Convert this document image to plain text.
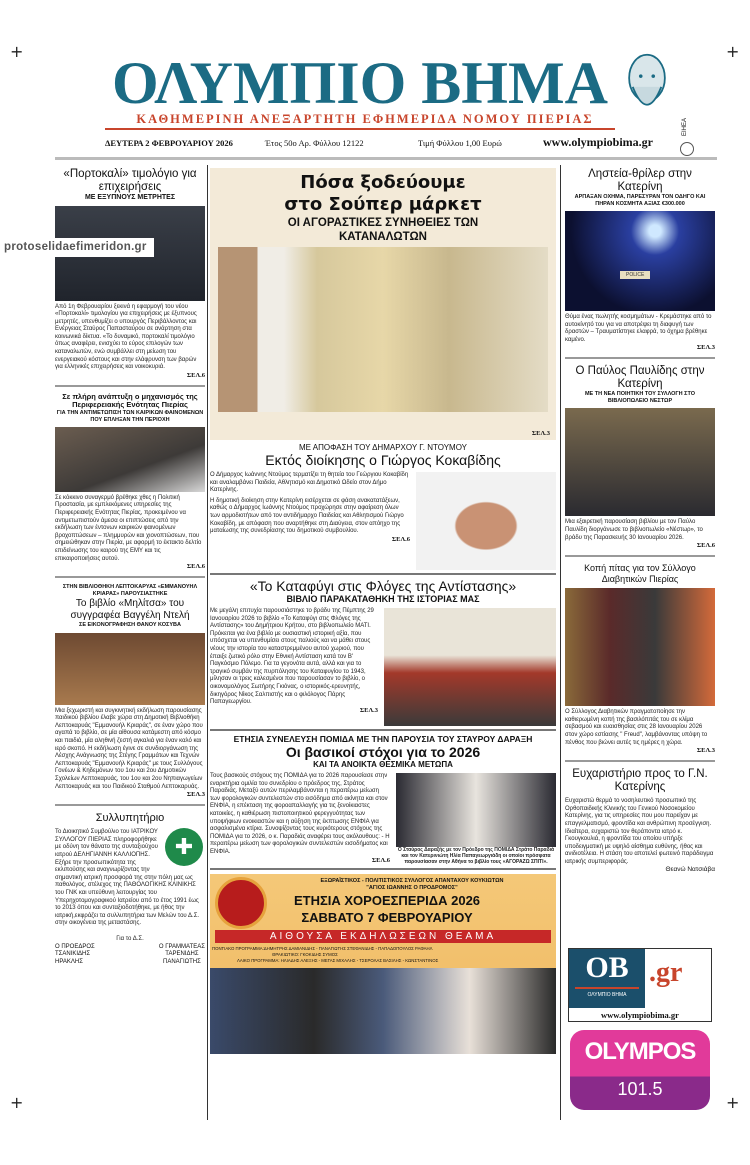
+	+
+	+
ΟΛΥΜΠΙΟ ΒΗΜΑ
ΕΙΗΕΑ
ΚΑΘΗΜΕΡΙΝΗ ΑΝΕΞΑΡΤΗΤΗ ΕΦΗΜΕΡΙΔΑ ΝΟΜΟΥ ΠΙΕΡΙΑΣ
ΔΕΥΤΕΡΑ 2 ΦΕΒΡΟΥΑΡΙΟΥ 2026	Έτος 50ο Αρ. Φύλλου 12122	Τιμή Φύλλου 1,00 Ευρώ	www.olympiobima.gr
protoselidaefimeridon.gr
«Πορτοκαλί» τιμολόγιο για επιχειρήσεις
ΜΕ ΕΞΥΠΝΟΥΣ ΜΕΤΡΗΤΕΣ

Από 1η Φεβρουαρίου ξεκινά η εφαρμογή του νέου «Πορτοκαλί» τιμολογίου για επιχειρήσεις με έξυπνους μετρητές, υπενθυμίζει ο υπουργός Περιβάλλοντος και Ενέργειας Σταύρος Παπασταύρου σε ανάρτηση στα κοινωνικά δίκτυα. «Το δυναμικό, πορτοκαλί τιμολόγιο όπως αναφέρει, ενισχύει το εύρος επιλογών των καταναλωτών, ενώ συμβάλλει στη μείωση του ενεργειακού κόστους και στην ελάφρυνση των βαρών για ελληνικές επιχειρήσεις και νοικοκυριά.

ΣΕΛ.6
Σε πλήρη ανάπτυξη ο μηχανισμός της Περιφερειακής Ενότητας Πιερίας
ΓΙΑ ΤΗΝ ΑΝΤΙΜΕΤΩΠΙΣΗ ΤΩΝ ΚΑΙΡΙΚΩΝ ΦΑΙΝΟΜΕΝΩΝ ΠΟΥ ΕΠΛΗΞΑΝ ΤΗΝ ΠΕΡΙΟΧΗ

Σε κόκκινο συναγερμό βρέθηκε χθες η Πολιτική Προστασία, με εμπλεκόμενες υπηρεσίες της Περιφερειακής Ενότητας Πιερίας, προκειμένου να αντιμετωπιστούν άμεσα οι επιπτώσεις από την εκδήλωση των έντονων καιρικών φαινομένων βροχοπτώσεων – πλημμυρών και χιονοπτώσεων, που σημειώθηκαν στην Πιερία, με αφορμή το έκτακτο δελτίο επιδείνωσης του καιρού της ΕΜΥ και τις επικαιροποιήσεις αυτού.

ΣΕΛ.6
ΣΤΗΝ ΒΙΒΛΙΟΘΗΚΗ ΛΕΠΤΟΚΑΡΥΑΣ «ΕΜΜΑΝΟΥΗΛ ΚΡΙΑΡΑΣ» ΠΑΡΟΥΣΙΑΣΤΗΚΕ
Το βιβλίο «Μηλίτσα» του συγγραφέα Βαγγέλη Ντελή
ΣΕ ΕΙΚΟΝΟΓΡΑΦΗΣΗ ΘΑΝΟΥ ΚΟΣΥΒΑ

Μια ξεχωριστή και συγκινητική εκδήλωση παρουσίασης παιδικού βιβλίου έλαβε χώρα στη Δημοτική Βιβλιοθήκη Λεπτοκαρυάς "Εμμανουήλ Κριαράς", σε έναν χώρο που αγαπά το βιβλίο, σε μία αίθουσα κατάμεστη από κόσμο και παιδιά, μία αληθινή ζεστή αγκαλιά για έναν καλό και ιερό σκοπό. Η εκδήλωση έγινε σε συνδιοργάνωση της Λέσχης Ανάγνωσης της Στέγης Γραμμάτων και Τεχνών Λεπτοκαρυάς "Εμμανουήλ Κριαράς" με τους Συλλόγους Γονέων & Κηδεμόνων του 1ου και 2ου Δημοτικών Σχολείων Λεπτοκαρυάς, του 1ου και 2ου Νηπιαγωγείων Λεπτοκαρυάς και του Παιδικού Σταθμού Λεπτοκαρυάς.

ΣΕΛ.3
Συλλυπητήριο
✚

Το Διοικητικό Συμβούλιο του ΙΑΤΡΙΚΟΥ ΣΥΛΛΟΓΟΥ ΠΙΕΡΙΑΣ πληροφορήθηκε με οδύνη τον θάνατο της συνταξιούχου ιατρού ΔΕΛΗΓΙΑΝΝΗ ΚΑΛΛΙΟΠΗΣ. Εξήρε την προσωπικότητα της εκλιπούσης και αναγνωρίζοντας την σημαντική ιατρική προσφορά της στην πόλη μας ως παθολόγος, στέλεχος της ΠΑΘΟΛΟΓΙΚΗΣ ΚΛΙΝΙΚΗΣ του ΓΝΚ και υπεύθυνη λειτουργίας του Υπερηχοτομογραφικού Ιατρείου από το έτος 1991 έως το 2013 όπου και συνταξιοδοτήθηκε, με ήθος την ιατρική,εκφράζει τα συλλυπητήρια των Μελών του Δ.Σ. στην οικογένεια της μεταστάσης.

Για το Δ.Σ.

Ο ΠΡΟΕΔΡΟΣ
ΤΣΑΝΙΚΙΔΗΣ
ΗΡΑΚΛΗΣ
Ο ΓΡΑΜΜΑΤΕΑΣ
ΤΑΡΕΝΙΔΗΣ
ΠΑΝΑΓΙΩΤΗΣ
Πόσα ξοδεύουμε
στο Σούπερ μάρκετ
ΟΙ ΑΓΟΡΑΣΤΙΚΕΣ ΣΥΝΗΘΕΙΕΣ ΤΩΝ ΚΑΤΑΝΑΛΩΤΩΝ
ΣΕΛ.3
ΜΕ ΑΠΟΦΑΣΗ ΤΟΥ ΔΗΜΑΡΧΟΥ Γ. ΝΤΟΥΜΟΥ
Εκτός διοίκησης ο Γιώργος Κοκαβίδης

Ο Δήμαρχος Ιωάννης Ντούμος τερματίζει τη θητεία του Γεώργιου Κοκαβίδη και αναλαμβάνει Παιδεία, Αθλητισμό και Δημοτικό Ωδείο στον Δήμο Κατερίνης.

Η δημοτική διοίκηση στην Κατερίνη εισέρχεται σε φάση ανακατατάξεων, καθώς ο Δήμαρχος Ιωάννης Ντούμος προχώρησε στην αφαίρεση όλων των αρμοδιοτήτων από τον αντιδήμαρχο Παιδείας και Αθλητισμού Γιώργο Κοκαβίδη, με απόφαση που αναρτήθηκε στη Διαύγεια, στον απόηχο της ματαίωσης της συνεδρίασης του δημοτικού συμβουλίου.

ΣΕΛ.6
«Το Καταφύγι στις Φλόγες της Αντίστασης»
ΒΙΒΛΙΟ ΠΑΡΑΚΑΤΑΘΗΚΗ ΤΗΣ ΙΣΤΟΡΙΑΣ ΜΑΣ

Με μεγάλη επιτυχία παρουσιάστηκε το βράδυ της Πέμπτης 29 Ιανουαρίου 2026 το βιβλίο «Το Καταφύγι στις Φλόγες της Αντίστασης» του Δημήτριου Κρήτου, στο βιβλιοπωλείο ΜΑΤΙ. Πρόκειται για ένα βιβλίο με ουσιαστική ιστορική αξία, που υπόσχεται να υπενθυμίσει στους παλιούς και να μάθει στους νέους την ιστορία του καταστρεμμένου αυτού χωριού, που έπαιξε ζωτικό ρόλο στην Εθνική Αντίσταση κατά τον Β' Παγκόσμιο Πόλεμο. Για τα γεγονότα αυτά, αλλά και για το τραγικό συμβάν της πυρπόλησης του Καταφυγίου το 1943, μίλησαν οι τρεις καλεσμένοι που παρουσίασαν το βιβλίο, ο οικονομολόγος Σωτήρης Γκιόνας, ο ιστορικός-ερευνητής, δικηγόρος Νίκος Σαλπιστής και ο φιλόλογος Πάρης Παπαγεωργίου.

ΣΕΛ.3
ΕΤΗΣΙΑ ΣΥΝΕΛΕΥΣΗ ΠΟΜΙΔΑ ΜΕ ΤΗΝ ΠΑΡΟΥΣΙΑ ΤΟΥ ΣΤΑΥΡΟΥ ΔΑΡΑΞΗ
Οι βασικοί στόχοι για το 2026
ΚΑΙ ΤΑ ΑΝΟΙΚΤΑ ΘΕΣΜΙΚΑ ΜΕΤΩΠΑ

Τους βασικούς στόχους της ΠΟΜΙΔΑ για το 2026 παρουσίασε στην εναρκτήρια ομιλία του συνεδρίου ο πρόεδρος της, Στράτος Παραδιάς. Μεταξύ αυτών περιλαμβάνονται η περαιτέρω μείωση των φορολογικών συντελεστών στο εισόδημα από ακίνητα και στον ΕΝΦΙΑ, η επέκταση της φοροαπαλλαγής για τις ξενοίκιαστες κατοικίες, η καθιέρωση πιστοποιητικού φερεγγυότητας των υποψήφιων ενοικιαστών και η αύξηση της έκπτωσης ΕΝΦΙΑ για ασφαλισμένα κτίρια. Συνοψίζοντας τους κυριότερους στόχους της ΠΟΜΙΔΑ για το 2026, ο κ. Παραδιάς αναφέρει τους ακόλουθους: - Η περαιτέρω μείωση των φορολογικών συντελεστών εισοδήματος και ΕΝΦΙΑ.

ΣΕΛ.6

Ο Σταύρος Δαραξής με τον Πρόεδρο της ΠΟΜΙΔΑ Στράτο Παραδιά και τον Κατερινιώτη Ηλία Παπαγεωργιάδη οι οποίοι πρόσφατα παρουσίασαν στην Αθήνα το βιβλίο τους «ΑΓΟΡΑΖΩ ΣΠΙΤΙ».

ΕΞΩΡΑΪΣΤΙΚΟΣ - ΠΟΛΙΤΙΣΤΙΚΟΣ ΣΥΛΛΟΓΟΣ ΑΠΑΝΤΑΧΟΥ ΚΟΥΚΙΩΤΩΝ
"ΑΓΙΟΣ ΙΩΑΝΝΗΣ Ο ΠΡΟΔΡΟΜΟΣ"
ΕΤΗΣΙΑ ΧΟΡΟΕΣΠΕΡΙΔΑ 2026
ΣΑΒΒΑΤΟ 7 ΦΕΒΡΟΥΑΡΙΟΥ
ΑΙΘΟΥΣΑ ΕΚΔΗΛΩΣΕΩΝ ΘΕΑΜΑ
ΠΟΝΤΙΑΚΟ ΠΡΟΓΡΑΜΜΑ:ΔΗΜΗΤΡΗΣ ΔΑΜΙΑΝΙΔΗΣ - ΠΑΝΑΓΙΩΤΗΣ ΣΤΕΦΑΝΙΔΗΣ - ΠΑΠΑΔΟΠΟΥΛΟΣ ΡΑΦΑΗΛ
ΘΡΑΚΙΩΤΙΚΟ: ΓΚΟΚΙΔΗΣ ΣΥΜΟΣ
ΛΑΙΚΟ ΠΡΟΓΡΑΜΜΑ: ΗΛΙΑΔΗΣ ΑΛΕΞΗΣ - ΜΕΓΑΣ ΜΙΧΑΛΗΣ - ΤΣΕΡΟΛΑΣ ΒΑΣΙΛΗΣ - ΚΩΝΣΤΑΝΤΙΝΟΣ
Ληστεία-θρίλερ στην Κατερίνη
ΑΡΠΑΞΑΝ ΟΧΗΜΑ, ΠΑΡΕΣΥΡΑΝ ΤΟΝ ΟΔΗΓΟ ΚΑΙ ΠΗΡΑΝ ΚΟΣΜΗΤΑ ΑΞΙΑΣ €300.000
POLICE

Θύμα ένας πωλητής κοσμημάτων - Κρεμάστηκε από το αυτοκίνητό του για να αποτρέψει τη διαφυγή των δραστών – Τραυματίστηκε ελαφρά, το όχημα βρέθηκε καμένο.

ΣΕΛ.3
Ο Παύλος Παυλίδης στην Κατερίνη
ΜΕ ΤΗ ΝΕΑ ΠΟΙΗΤΙΚΗ ΤΟΥ ΣΥΛΛΟΓΗ ΣΤΟ ΒΙΒΛΙΟΠΩΛΕΙΟ ΝΕΣΤΩΡ

Μια εξαιρετική παρουσίαση βιβλίου με τον Παύλο Παυλίδη διοργάνωσε το βιβλιοπωλείο «Νέστωρ», το βράδυ της Παρασκευής 30 Ιανουαρίου 2026.

ΣΕΛ.6
Κοπή πίτας για τον Σύλλογο Διαβητικών Πιερίας

Ο Σύλλογος Διαβητικών πραγματοποίησε την καθιερωμένη κοπή της βασιλόπιτάς του σε κλίμα σεβασμού και ευαισθησίας στις 28 Ιανουαρίου 2026 στον χώρο εστίασης " Freud", λαμβάνοντας υπόψη το πένθος που βιώνει αυτές τις ημέρες η χώρα.

ΣΕΛ.3
Ευχαριστήριο προς το Γ.Ν. Κατερίνης

Ευχαριστώ θερμά το νοσηλευτικό προσωπικό της Ορθοπαιδικής Κλινικής του Γενικού Νοσοκομείου Κατερίνης, για τις υπηρεσίες που μου παρείχαν με επαγγελματισμό, φροντίδα και ανθρώπινη προσέγγιση. Ιδιαίτερα, ευχαριστώ τον θεράποντα ιατρό κ. Γκουγκουλιά, η φροντίδα του οποίου υπήρξε υποδειγματική με υψηλό αίσθημα ευθύνης, ήθος και ανιδιοτέλεια. Η στάση του αποτελεί φωτεινό παράδειγμα ιατρικής συμπεριφοράς.

Θεανώ Νατσιάβα
OB
ΟΛΥΜΠΙΟ ΒΗΜΑ
.gr
www.olympiobima.gr
OLYMPOS
101.5
